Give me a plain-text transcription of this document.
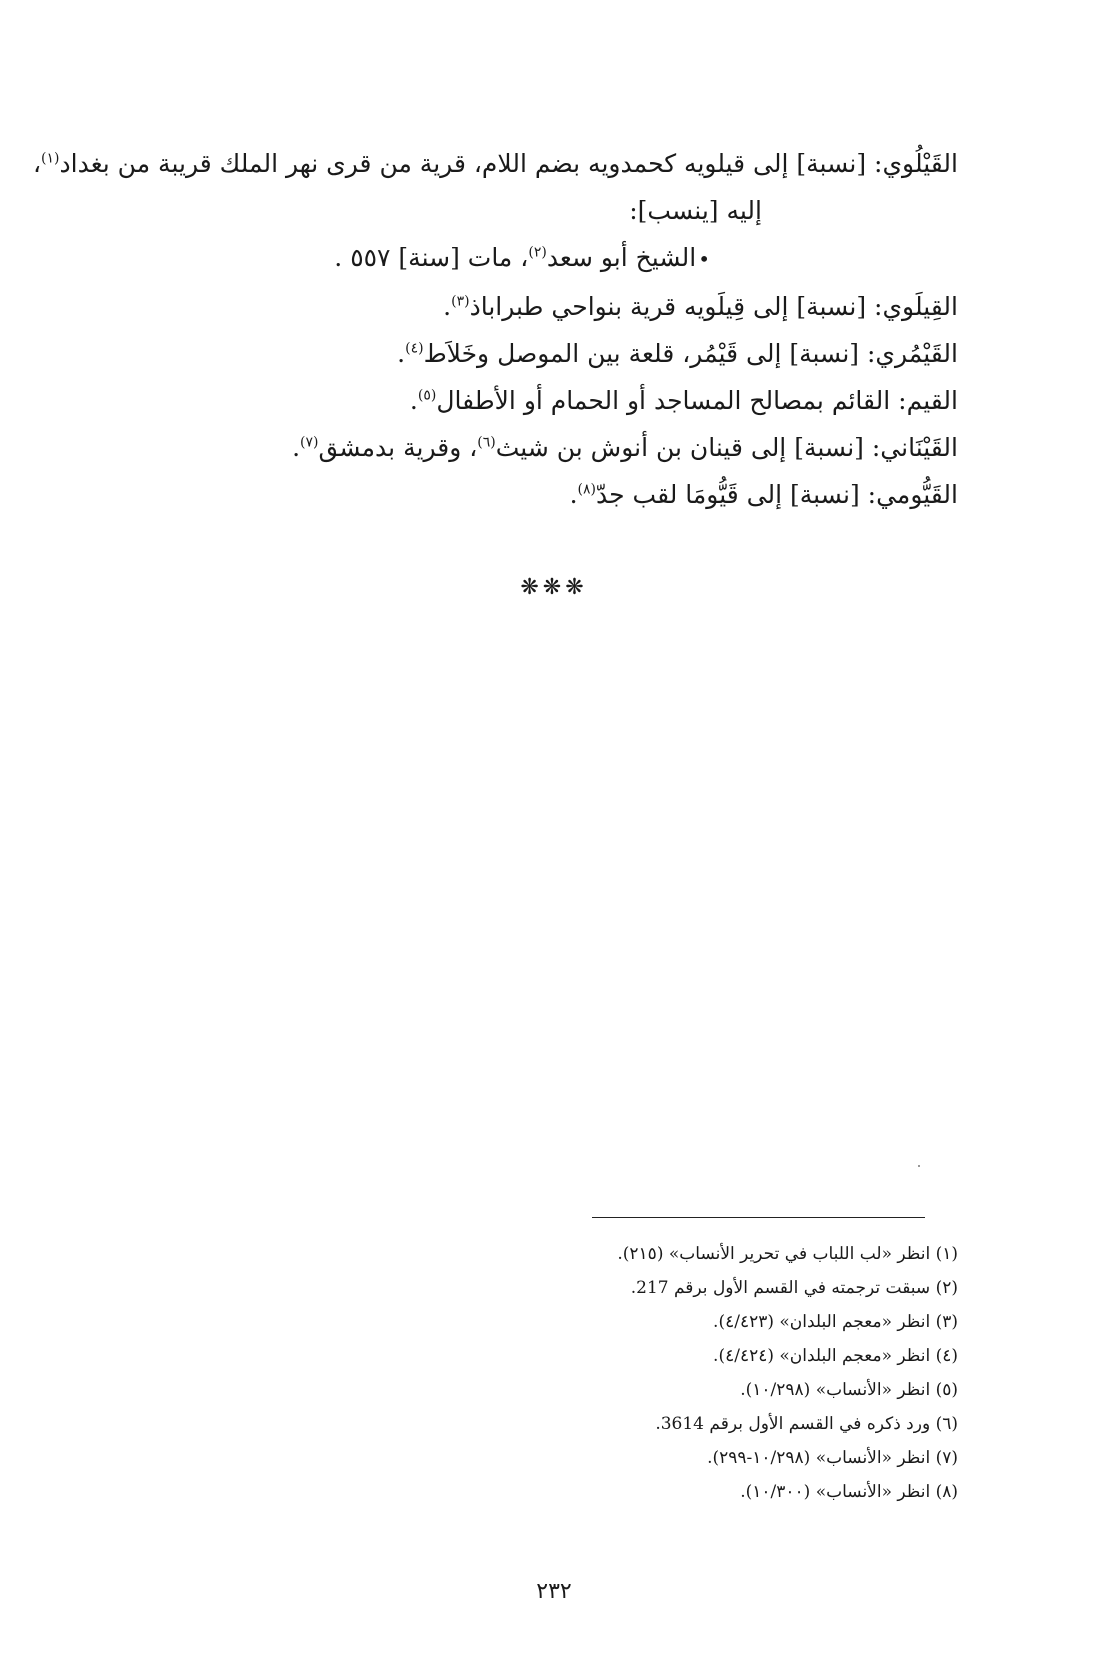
القَيْلُوي: [نسبة] إلى قيلويه كحمدويه بضم اللام، قرية من قرى نهر الملك قريبة من بغداد$^{(١)}$،

إليه [ينسب]:

•الشيخ أبو سعد$^{(٢)}$، مات [سنة] ٥٥٧ .

القِيلَوي: [نسبة] إلى قِيلَويه قرية بنواحي طبراباذ$^{(٣)}$.

القَيْمُري: [نسبة] إلى قَيْمُر، قلعة بين الموصل وخَلاَط$^{(٤)}$.

القيم: القائم بمصالح المساجد أو الحمام أو الأطفال$^{(٥)}$.

القَيْنَاني: [نسبة] إلى قينان بن أنوش بن شيث$^{(٦)}$، وقرية بدمشق$^{(٧)}$.

القَيُّومي: [نسبة] إلى قَيُّومَا لقب جدّ$^{(٨)}$.

❋❋❋

(١) انظر «لب اللباب في تحرير الأنساب» (٢١٥).

(٢) سبقت ترجمته في القسم الأول برقم 217.

(٣) انظر «معجم البلدان» (٤/٤٢٣).

(٤) انظر «معجم البلدان» (٤/٤٢٤).

(٥) انظر «الأنساب» (١٠/٢٩٨).

(٦) ورد ذكره في القسم الأول برقم 3614.

(٧) انظر «الأنساب» (١٠/٢٩٨-٢٩٩).

(٨) انظر «الأنساب» (١٠/٣٠٠).

٢٣٢
